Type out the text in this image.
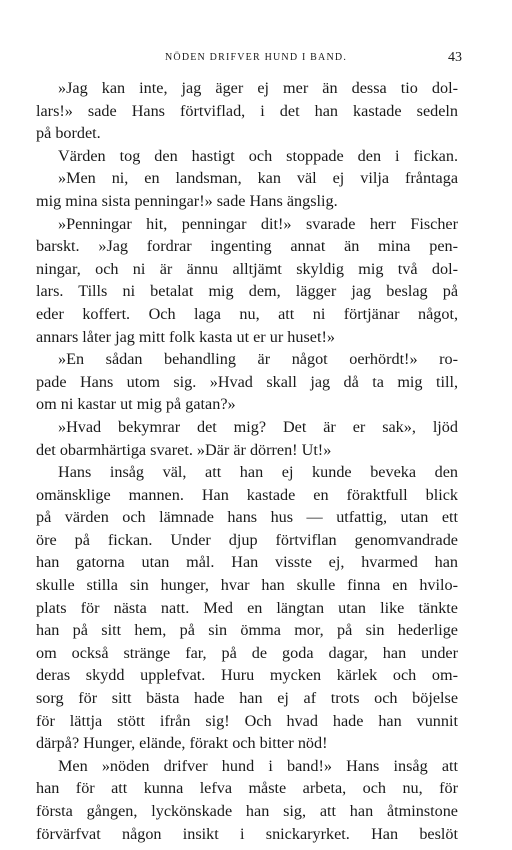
NÖDEN DRIFVER HUND I BAND.	43
»Jag kan inte, jag äger ej mer än dessa tio dol-
lars!» sade Hans förtviflad, i det han kastade sedeln
på bordet.
Värden tog den hastigt och stoppade den i fickan.
»Men ni, en landsman, kan väl ej vilja fråntaga
mig mina sista penningar!» sade Hans ängslig.
»Penningar hit, penningar dit!» svarade herr Fischer
barskt. »Jag fordrar ingenting annat än mina pen-
ningar, och ni är ännu alltjämt skyldig mig två dol-
lars. Tills ni betalat mig dem, lägger jag beslag på
eder koffert. Och laga nu, att ni förtjänar något,
annars låter jag mitt folk kasta ut er ur huset!»
»En sådan behandling är något oerhördt!» ro-
pade Hans utom sig. »Hvad skall jag då ta mig till,
om ni kastar ut mig på gatan?»
»Hvad bekymrar det mig? Det är er sak», ljöd
det obarmhärtiga svaret. »Där är dörren! Ut!»
Hans insåg väl, att han ej kunde beveka den
omänsklige mannen. Han kastade en föraktfull blick
på värden och lämnade hans hus — utfattig, utan ett
öre på fickan. Under djup förtviflan genomvandrade
han gatorna utan mål. Han visste ej, hvarmed han
skulle stilla sin hunger, hvar han skulle finna en hvilo-
plats för nästa natt. Med en längtan utan like tänkte
han på sitt hem, på sin ömma mor, på sin hederlige
om också stränge far, på de goda dagar, han under
deras skydd upplefvat. Huru mycken kärlek och om-
sorg för sitt bästa hade han ej af trots och böjelse
för lättja stött ifrån sig! Och hvad hade han vunnit
därpå? Hunger, elände, förakt och bitter nöd!
Men »nöden drifver hund i band!» Hans insåg att
han för att kunna lefva måste arbeta, och nu, för
första gången, lyckönskade han sig, att han åtminstone
förvärfvat någon insikt i snickaryrket. Han beslöt
